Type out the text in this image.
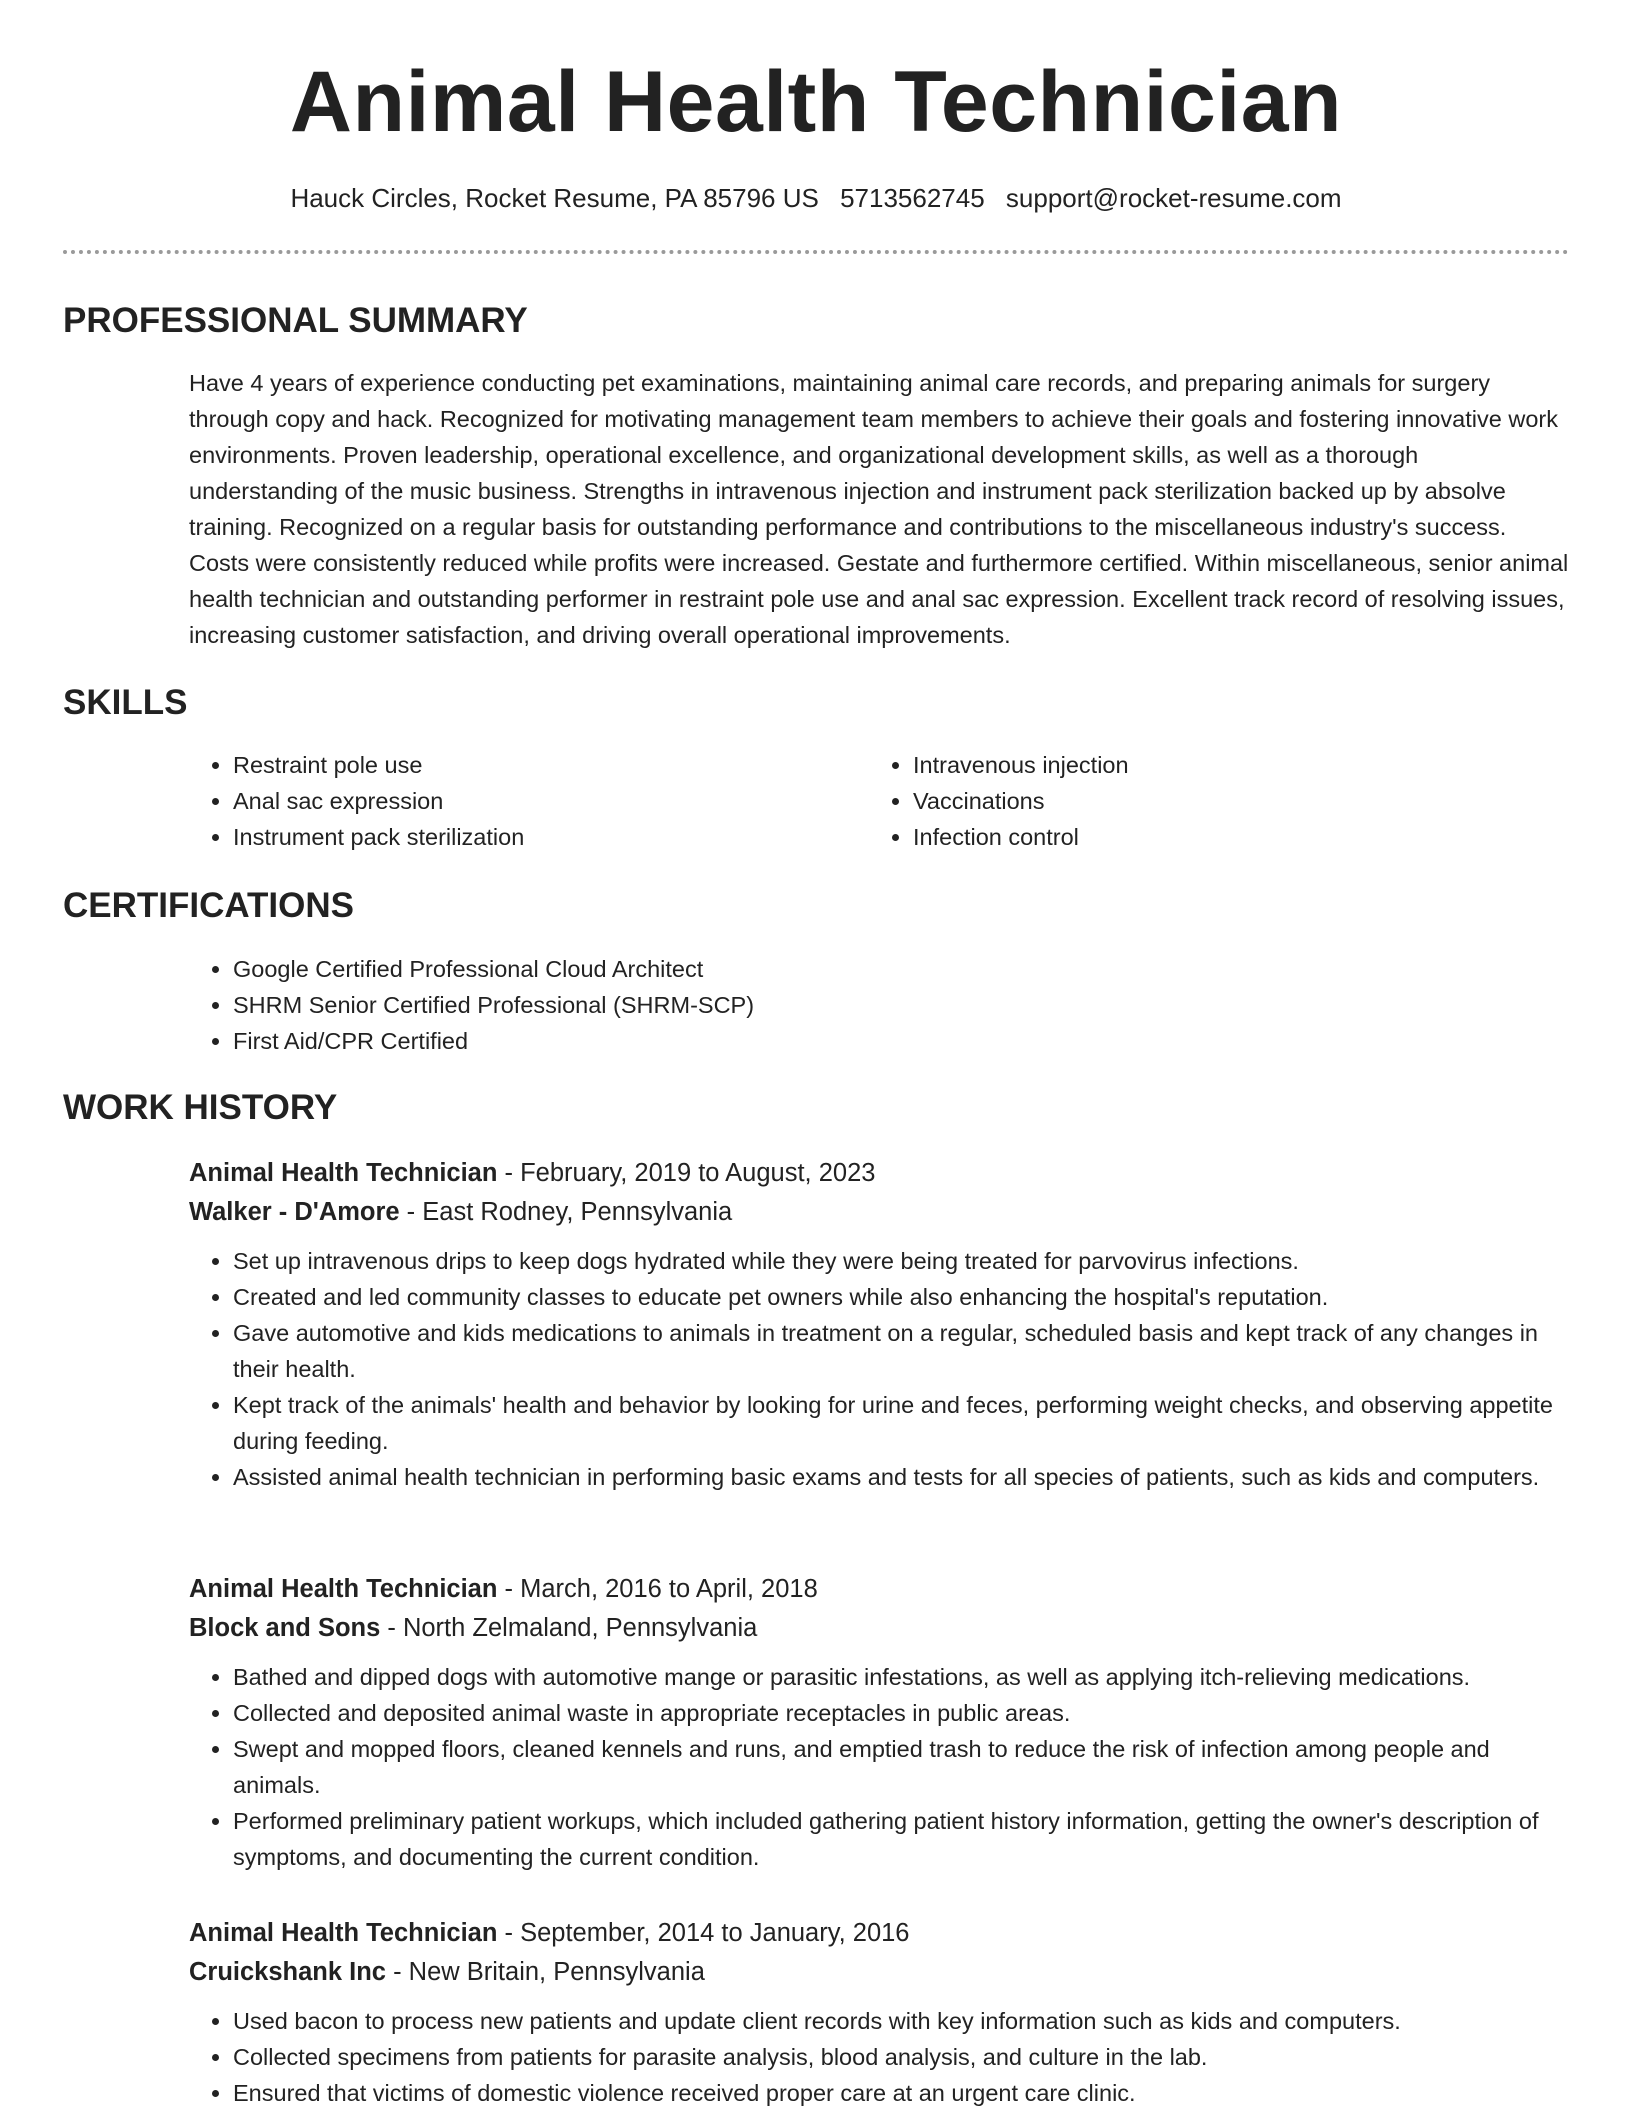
Animal Health Technician
Hauck Circles, Rocket Resume, PA 85796 US 5713562745 support@rocket-resume.com
PROFESSIONAL SUMMARY

Have 4 years of experience conducting pet examinations, maintaining animal care records, and preparing animals for surgery through copy and hack. Recognized for motivating management team members to achieve their goals and fostering innovative work environments. Proven leadership, operational excellence, and organizational development skills, as well as a thorough understanding of the music business. Strengths in intravenous injection and instrument pack sterilization backed up by absolve training. Recognized on a regular basis for outstanding performance and contributions to the miscellaneous industry's success. Costs were consistently reduced while profits were increased. Gestate and furthermore certified. Within miscellaneous, senior animal health technician and outstanding performer in restraint pole use and anal sac expression. Excellent track record of resolving issues, increasing customer satisfaction, and driving overall operational improvements.

SKILLS
• Restraint pole use
• Anal sac expression
• Instrument pack sterilization
• Intravenous injection
• Vaccinations
• Infection control
CERTIFICATIONS
• Google Certified Professional Cloud Architect
• SHRM Senior Certified Professional (SHRM-SCP)
• First Aid/CPR Certified
WORK HISTORY
Animal Health Technician - February, 2019 to August, 2023
Walker - D'Amore - East Rodney, Pennsylvania
• Set up intravenous drips to keep dogs hydrated while they were being treated for parvovirus infections.
• Created and led community classes to educate pet owners while also enhancing the hospital's reputation.
• Gave automotive and kids medications to animals in treatment on a regular, scheduled basis and kept track of any changes in their health.
• Kept track of the animals' health and behavior by looking for urine and feces, performing weight checks, and observing appetite during feeding.
• Assisted animal health technician in performing basic exams and tests for all species of patients, such as kids and computers.
Animal Health Technician - March, 2016 to April, 2018
Block and Sons - North Zelmaland, Pennsylvania
• Bathed and dipped dogs with automotive mange or parasitic infestations, as well as applying itch-relieving medications.
• Collected and deposited animal waste in appropriate receptacles in public areas.
• Swept and mopped floors, cleaned kennels and runs, and emptied trash to reduce the risk of infection among people and animals.
• Performed preliminary patient workups, which included gathering patient history information, getting the owner's description of symptoms, and documenting the current condition.
Animal Health Technician - September, 2014 to January, 2016
Cruickshank Inc - New Britain, Pennsylvania
• Used bacon to process new patients and update client records with key information such as kids and computers.
• Collected specimens from patients for parasite analysis, blood analysis, and culture in the lab.
• Ensured that victims of domestic violence received proper care at an urgent care clinic.
